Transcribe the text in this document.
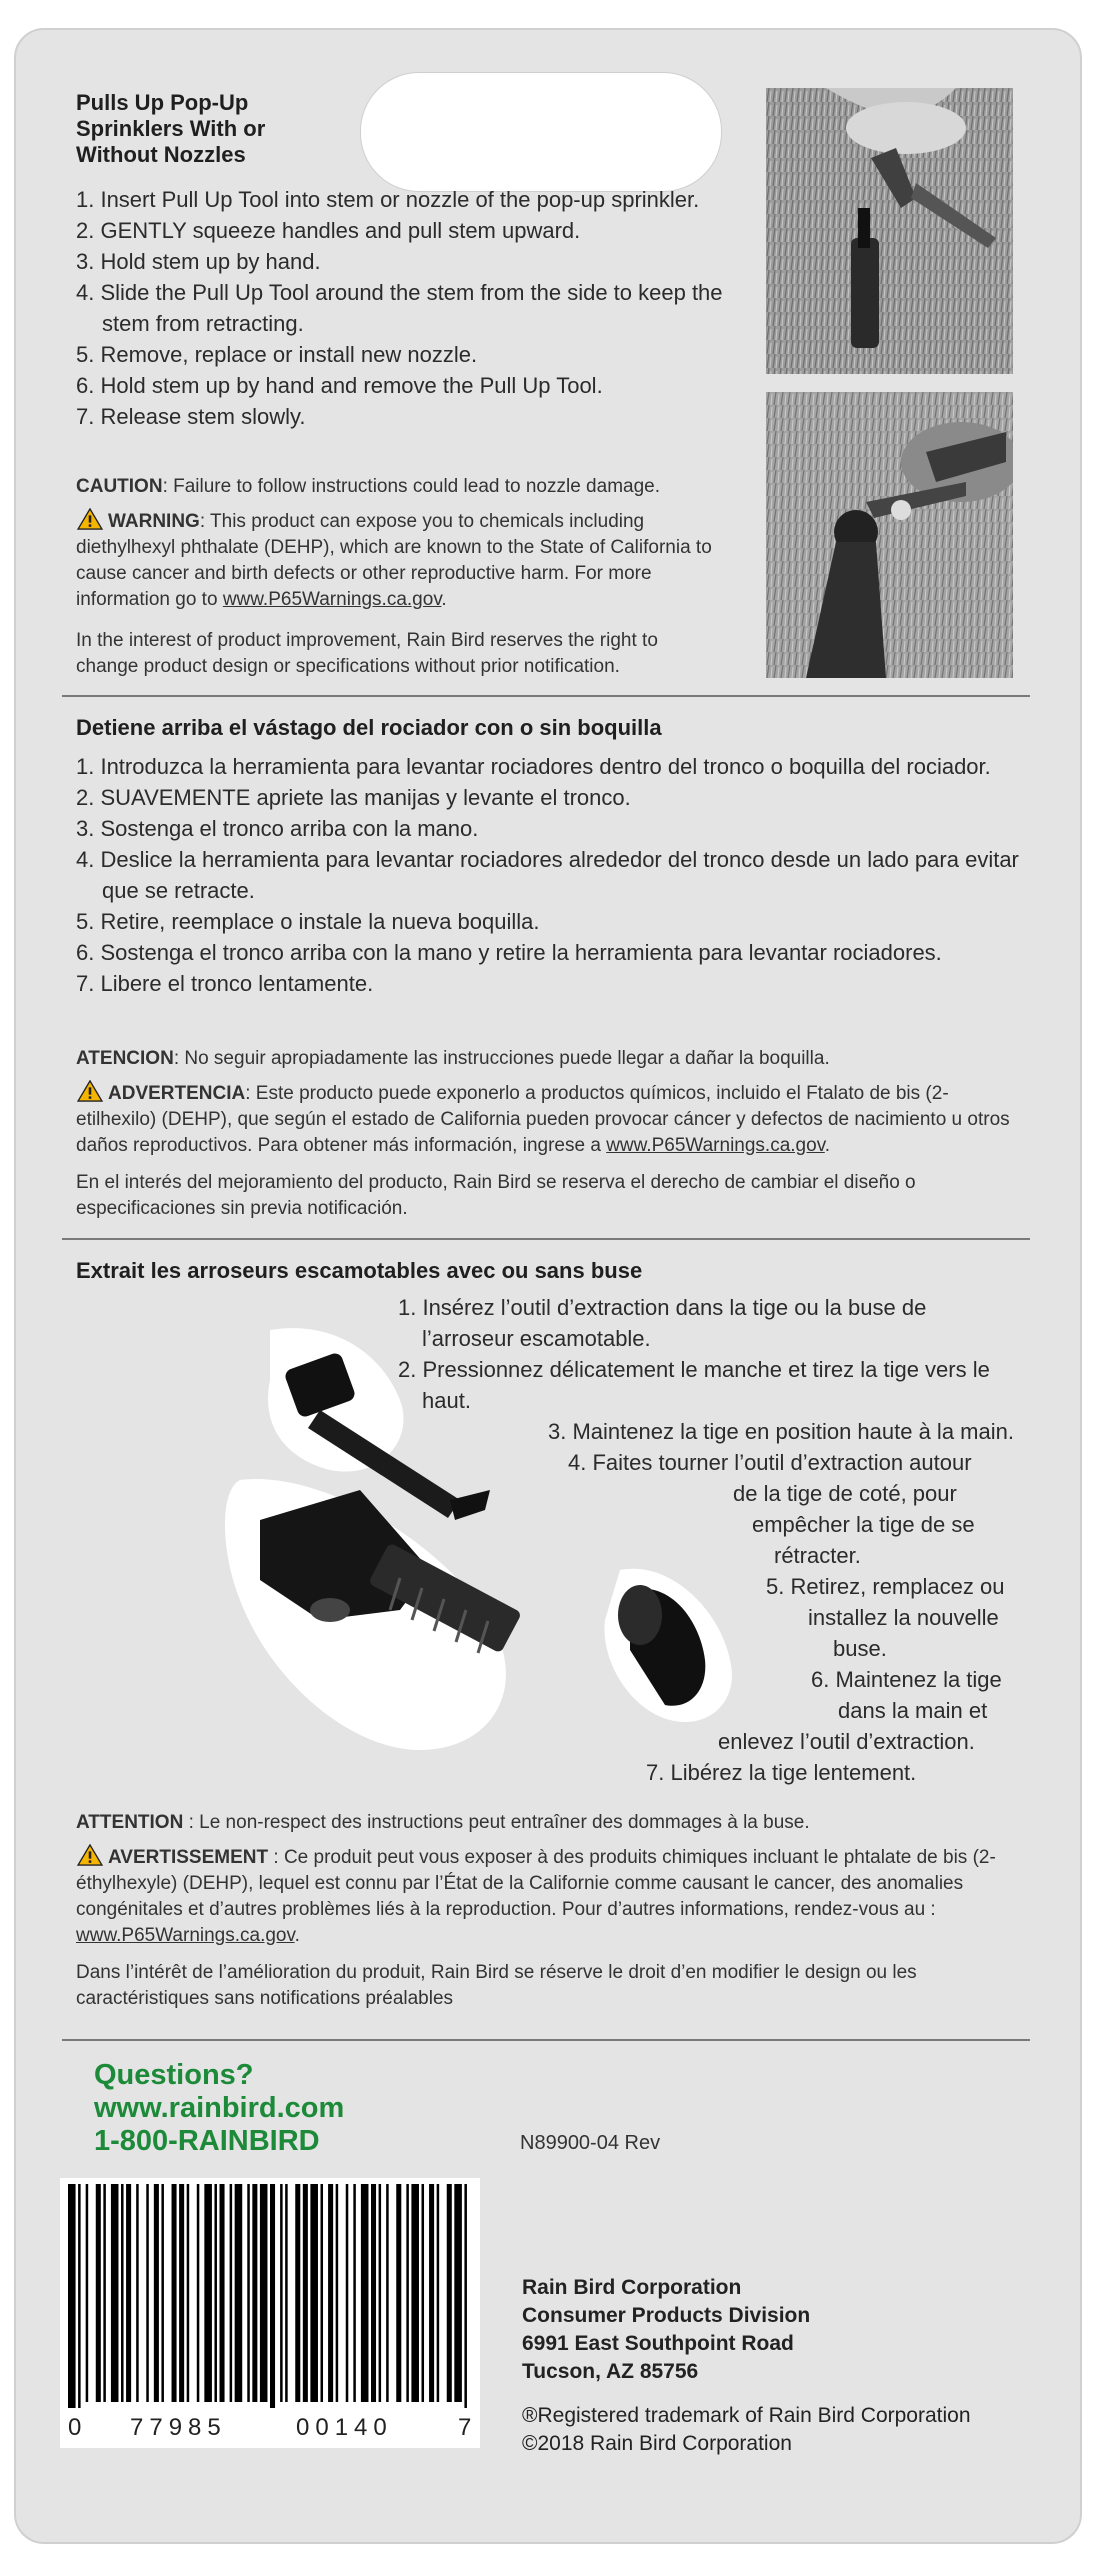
Pulls Up Pop-Up
Sprinklers With or
Without Nozzles
1. Insert Pull Up Tool into stem or nozzle of the pop-up sprinkler.
2. GENTLY squeeze handles and pull stem upward.
3. Hold stem up by hand.
4. Slide the Pull Up Tool around the stem from the side to keep the stem from retracting.
5. Remove, replace or install new nozzle.
6. Hold stem up by hand and remove the Pull Up Tool.
7. Release stem slowly.
CAUTION: Failure to follow instructions could lead to nozzle damage.
WARNING: This product can expose you to chemicals including diethylhexyl phthalate (DEHP), which are known to the State of California to cause cancer and birth defects or other reproductive harm. For more information go to www.P65Warnings.ca.gov.
In the interest of product improvement, Rain Bird reserves the right to change product design or specifications without prior notification.
Detiene arriba el vástago del rociador con o sin boquilla
1. Introduzca la herramienta para levantar rociadores dentro del tronco o boquilla del rociador.
2. SUAVEMENTE apriete las manijas y levante el tronco.
3. Sostenga el tronco arriba con la mano.
4. Deslice la herramienta para levantar rociadores alrededor del tronco desde un lado para evitar que se retracte.
5. Retire, reemplace o instale la nueva boquilla.
6. Sostenga el tronco arriba con la mano y retire la herramienta para levantar rociadores.
7. Libere el tronco lentamente.
ATENCION: No seguir apropiadamente las instrucciones puede llegar a dañar la boquilla.
ADVERTENCIA: Este producto puede exponerlo a productos químicos, incluido el Ftalato de bis (2-etilhexilo) (DEHP), que según el estado de California pueden provocar cáncer y defectos de nacimiento u otros daños reproductivos. Para obtener más información, ingrese a www.P65Warnings.ca.gov.
En el interés del mejoramiento del producto, Rain Bird se reserva el derecho de cambiar el diseño o especificaciones sin previa notificación.
Extrait les arroseurs escamotables avec ou sans buse
1. Insérez l’outil d’extraction dans la tige ou la buse de
l’arroseur escamotable.
2. Pressionnez délicatement le manche et tirez la tige vers le
haut.
3. Maintenez la tige en position haute à la main.
4. Faites tourner l’outil d’extraction autour
de la tige de coté, pour
empêcher la tige de se
rétracter.
5. Retirez, remplacez ou
installez la nouvelle
buse.
6. Maintenez la tige
dans la main et
enlevez l’outil d’extraction.
7. Libérez la tige lentement.
ATTENTION : Le non-respect des instructions peut entraîner des dommages à la buse.
AVERTISSEMENT : Ce produit peut vous exposer à des produits chimiques incluant le phtalate de bis (2-éthylhexyle) (DEHP), lequel est connu par l’État de la Californie comme causant le cancer, des anomalies congénitales et d’autres problèmes liés à la reproduction. Pour d’autres informations, rendez-vous au : www.P65Warnings.ca.gov.
Dans l’intérêt de l’amélioration du produit, Rain Bird se réserve le droit d’en modifier le design ou les caractéristiques sans notifications préalables
Questions?
www.rainbird.com
1-800-RAINBIRD	N89900-04 Rev
0 77985	00140	7
Rain Bird Corporation
Consumer Products Division
6991 East Southpoint Road
Tucson, AZ 85756
®Registered trademark of Rain Bird Corporation
©2018 Rain Bird Corporation
